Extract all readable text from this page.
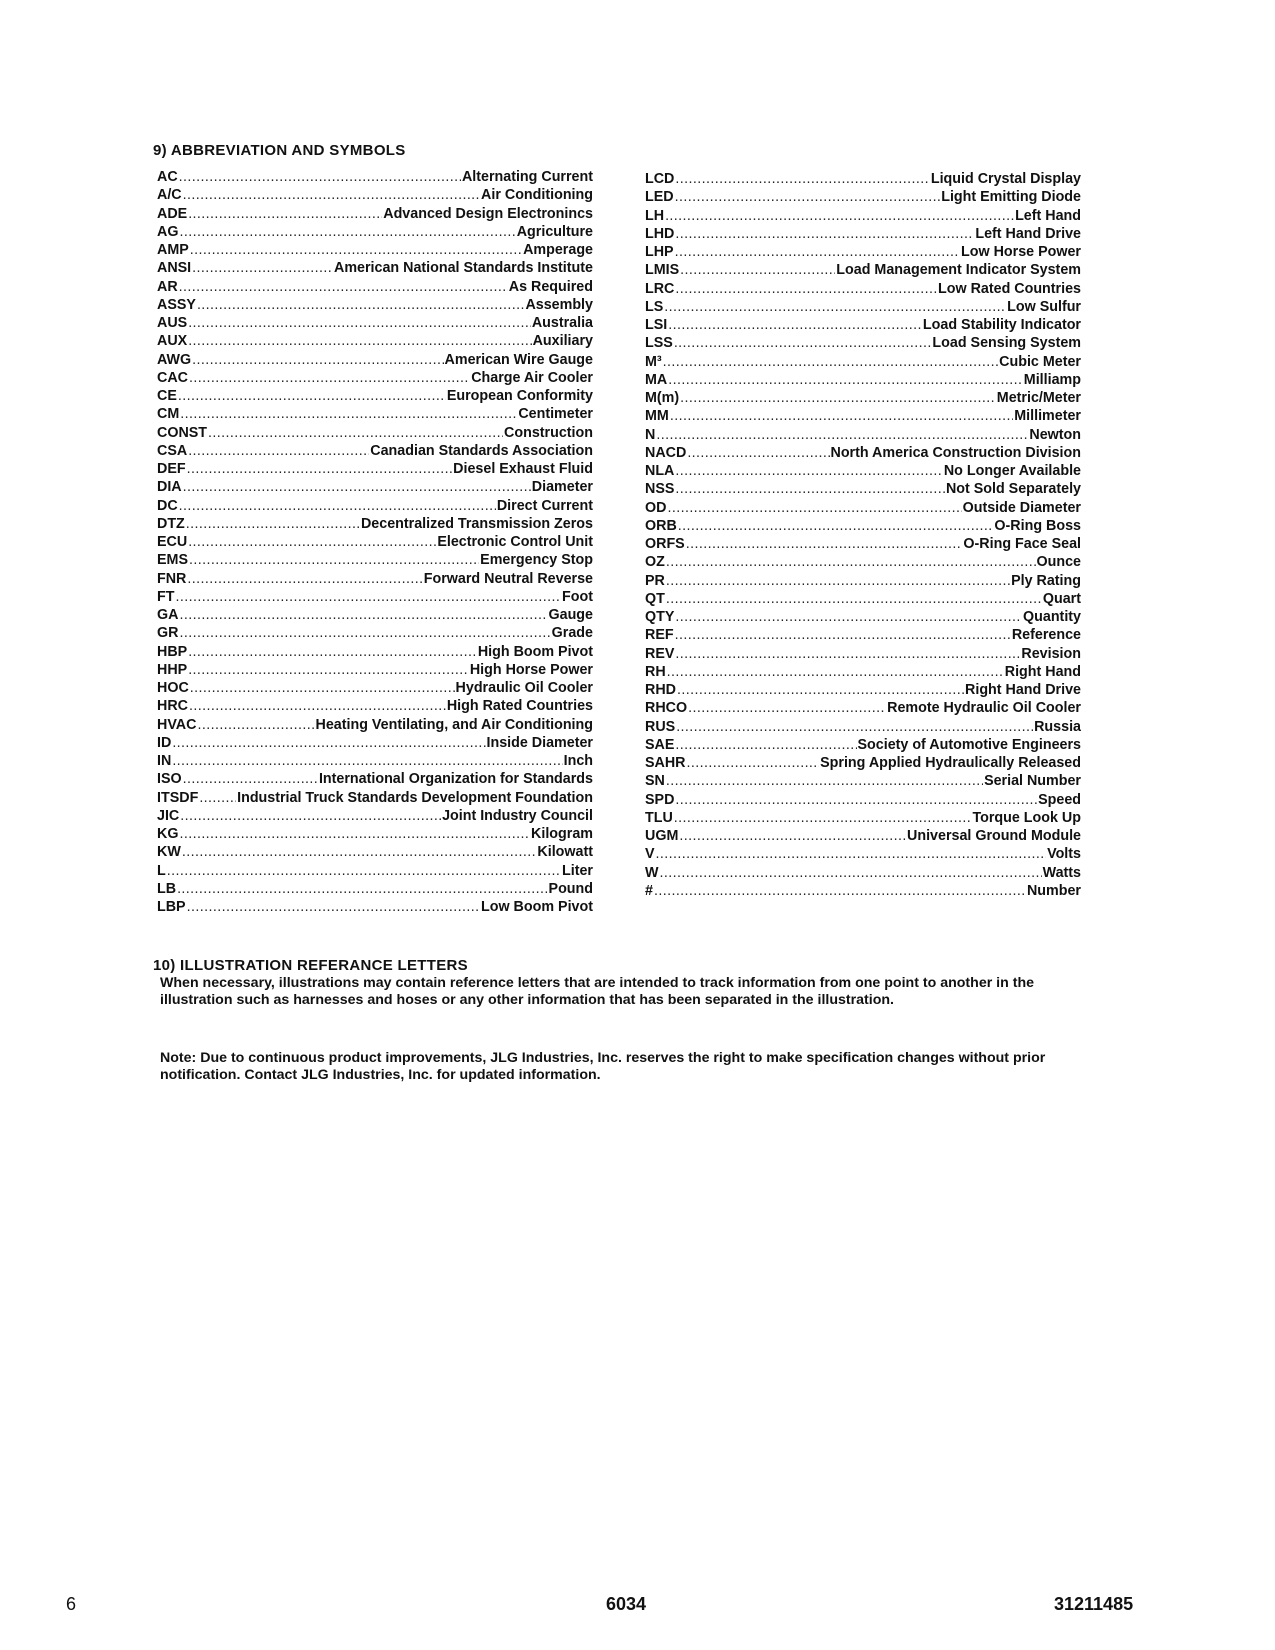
9) ABBREVIATION AND SYMBOLS
AC .....	Alternating Current
A/C .....	Air Conditioning
ADE .....	Advanced Design Electronincs
AG .....	Agriculture
AMP .....	Amperage
ANSI .....	American National Standards Institute
AR .....	As Required
ASSY .....	Assembly
AUS .....	Australia
AUX .....	Auxiliary
AWG .....	American Wire Gauge
CAC .....	Charge Air Cooler
CE .....	European Conformity
CM .....	Centimeter
CONST .....	Construction
CSA .....	Canadian Standards Association
DEF .....	Diesel Exhaust Fluid
DIA .....	Diameter
DC .....	Direct Current
DTZ .....	Decentralized Transmission Zeros
ECU .....	Electronic Control Unit
EMS .....	Emergency Stop
FNR .....	Forward Neutral Reverse
FT .....	Foot
GA .....	Gauge
GR .....	Grade
HBP .....	High Boom Pivot
HHP .....	High Horse Power
HOC .....	Hydraulic Oil Cooler
HRC .....	High Rated Countries
HVAC .....	Heating Ventilating, and Air Conditioning
ID .....	Inside Diameter
IN .....	Inch
ISO .....	International Organization for Standards
ITSDF .....	Industrial Truck Standards Development Foundation
JIC .....	Joint Industry Council
KG .....	Kilogram
KW .....	Kilowatt
L .....	Liter
LB .....	Pound
LBP .....	Low Boom Pivot
LCD .....	Liquid Crystal Display
LED .....	Light Emitting Diode
LH .....	Left Hand
LHD .....	Left Hand Drive
LHP .....	Low Horse Power
LMIS .....	Load Management Indicator System
LRC .....	Low Rated Countries
LS .....	Low Sulfur
LSI .....	Load Stability Indicator
LSS .....	Load Sensing System
M³ .....	Cubic Meter
MA .....	Milliamp
M(m) .....	Metric/Meter
MM .....	Millimeter
N .....	Newton
NACD .....	North America Construction Division
NLA .....	No Longer Available
NSS .....	Not Sold Separately
OD .....	Outside Diameter
ORB .....	O-Ring Boss
ORFS .....	O-Ring Face Seal
OZ .....	Ounce
PR .....	Ply Rating
QT .....	Quart
QTY .....	Quantity
REF .....	Reference
REV .....	Revision
RH .....	Right Hand
RHD .....	Right Hand Drive
RHCO .....	Remote Hydraulic Oil Cooler
RUS .....	Russia
SAE .....	Society of Automotive Engineers
SAHR .....	Spring Applied Hydraulically Released
SN .....	Serial Number
SPD .....	Speed
TLU .....	Torque Look Up
UGM .....	Universal Ground Module
V .....	Volts
W .....	Watts
# .....	Number
10) ILLUSTRATION REFERANCE LETTERS

When necessary, illustrations may contain reference letters that are intended to track information from one point to another in the illustration such as harnesses and hoses or any other information that has been separated in the illustration.

Note: Due to continuous product improvements, JLG Industries, Inc. reserves the right to make specification changes without prior notification. Contact JLG Industries, Inc. for updated information.

6	6034	31211485
